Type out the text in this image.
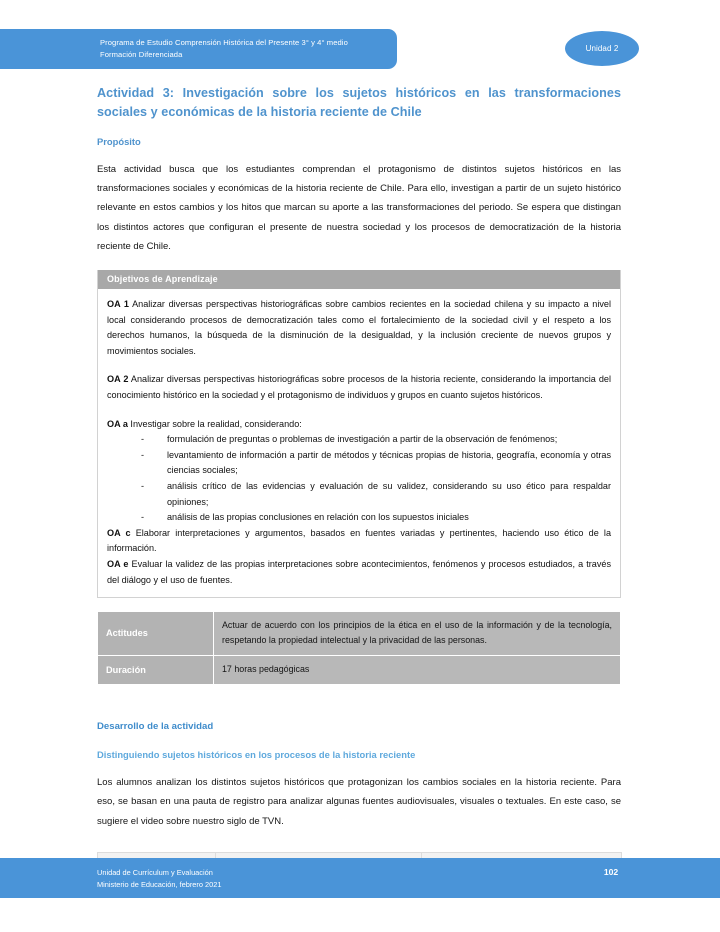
Programa de Estudio Comprensión Histórica del Presente 3° y 4° medio
Formación Diferenciada
Unidad 2
Actividad 3: Investigación sobre los sujetos históricos en las transformaciones sociales y económicas de la historia reciente de Chile
Propósito

Esta actividad busca que los estudiantes comprendan el protagonismo de distintos sujetos históricos en las transformaciones sociales y económicas de la historia reciente de Chile. Para ello, investigan a partir de un sujeto histórico relevante en estos cambios y los hitos que marcan su aporte a las transformaciones del periodo. Se espera que distingan los distintos actores que configuran el presente de nuestra sociedad y los procesos de democratización de la historia reciente de Chile.

Objetivos de Aprendizaje

OA 1 Analizar diversas perspectivas historiográficas sobre cambios recientes en la sociedad chilena y su impacto a nivel local considerando procesos de democratización tales como el fortalecimiento de la sociedad civil y el respeto a los derechos humanos, la búsqueda de la disminución de la desigualdad, y la inclusión creciente de nuevos grupos y movimientos sociales.

OA 2 Analizar diversas perspectivas historiográficas sobre procesos de la historia reciente, considerando la importancia del conocimiento histórico en la sociedad y el protagonismo de individuos y grupos en cuanto sujetos históricos.

OA a Investigar sobre la realidad, considerando:

-	formulación de preguntas o problemas de investigación a partir de la observación de fenómenos;
-	levantamiento de información a partir de métodos y técnicas propias de historia, geografía, economía y otras ciencias sociales;
-	análisis crítico de las evidencias y evaluación de su validez, considerando su uso ético para respaldar opiniones;
-	análisis de las propias conclusiones en relación con los supuestos iniciales

OA c Elaborar interpretaciones y argumentos, basados en fuentes variadas y pertinentes, haciendo uso ético de la información.

OA e Evaluar la validez de las propias interpretaciones sobre acontecimientos, fenómenos y procesos estudiados, a través del diálogo y el uso de fuentes.

Actitudes	Actuar de acuerdo con los principios de la ética en el uso de la información y de la tecnología, respetando la propiedad intelectual y la privacidad de las personas.
Duración	17 horas pedagógicas
Desarrollo de la actividad
Distinguiendo sujetos históricos en los procesos de la historia reciente

Los alumnos analizan los distintos sujetos históricos que protagonizan los cambios sociales en la historia reciente. Para eso, se basan en una pauta de registro para analizar algunas fuentes audiovisuales, visuales o textuales. En este caso, se sugiere el video sobre nuestro siglo de TVN.

Unidad de Currículum y Evaluación
Ministerio de Educación, febrero 2021
102
